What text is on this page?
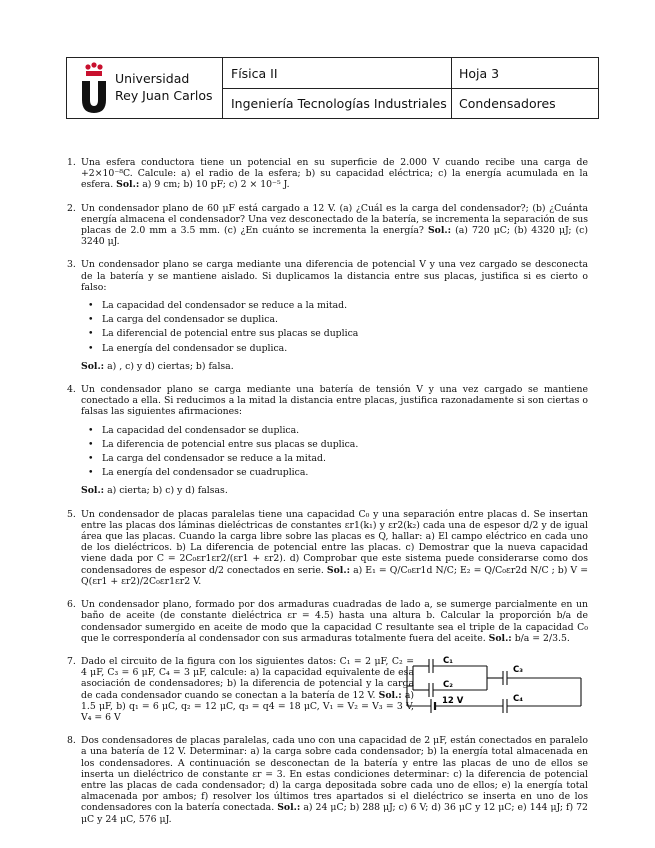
Universidad
Rey Juan Carlos
Física II	Hoja 3
Ingeniería Tecnologías Industriales Condensadores
1. Una esfera conductora tiene un potencial en su superficie de 2.000 V cuando recibe una carga de +2×10⁻⁸C. Calcule: a) el radio de la esfera; b) su capacidad eléctrica; c) la energía acumulada en la esfera. Sol.: a) 9 cm; b) 10 pF; c) 2 × 10⁻⁵ J.
2. Un condensador plano de 60 μF está cargado a 12 V. (a) ¿Cuál es la carga del condensador?; (b) ¿Cuánta energía almacena el condensador? Una vez desconectado de la batería, se incrementa la separación de sus placas de 2.0 mm a 3.5 mm. (c) ¿En cuánto se incrementa la energía? Sol.: (a) 720 μC; (b) 4320 μJ; (c) 3240 μJ.
3. Un condensador plano se carga mediante una diferencia de potencial V y una vez cargado se desconecta de la batería y se mantiene aislado. Si duplicamos la distancia entre sus placas, justifica si es cierto o falso:
• La capacidad del condensador se reduce a la mitad.
• La carga del condensador se duplica.
• La diferencial de potencial entre sus placas se duplica
• La energía del condensador se duplica.
Sol.: a) , c) y d) ciertas; b) falsa.
4. Un condensador plano se carga mediante una batería de tensión V y una vez cargado se mantiene conectado a ella. Si reducimos a la mitad la distancia entre placas, justifica razonadamente si son ciertas o falsas las siguientes afirmaciones:
• La capacidad del condensador se duplica.
• La diferencia de potencial entre sus placas se duplica.
• La carga del condensador se reduce a la mitad.
• La energía del condensador se cuadruplica.
Sol.: a) cierta; b) c) y d) falsas.
5. Un condensador de placas paralelas tiene una capacidad C₀ y una separación entre placas d. Se insertan entre las placas dos láminas dieléctricas de constantes εr1(k₁) y εr2(k₂) cada una de espesor d/2 y de igual área que las placas. Cuando la carga libre sobre las placas es Q, hallar: a) El campo eléctrico en cada uno de los dieléctricos. b) La diferencia de potencial entre las placas. c) Demostrar que la nueva capacidad viene dada por C = 2C₀εr1εr2/(εr1 + εr2). d) Comprobar que este sistema puede considerarse como dos condensadores de espesor d/2 conectados en serie. Sol.: a) E₁ = Q/C₀εr1d N/C; E₂ = Q/C₀εr2d N/C ; b) V = Q(εr1 + εr2)/2C₀εr1εr2 V.
6. Un condensador plano, formado por dos armaduras cuadradas de lado a, se sumerge parcialmente en un baño de aceite (de constante dieléctrica εr = 4.5) hasta una altura b. Calcular la proporción b/a de condensador sumergido en aceite de modo que la capacidad C resultante sea el triple de la capacidad C₀ que le correspondería al condensador con sus armaduras totalmente fuera del aceite. Sol.: b/a = 2/3.5.
7. Dado el circuito de la figura con los siguientes datos: C₁ = 2 μF, C₂ = 4 μF, C₃ = 6 μF, C₄ = 3 μF, calcule: a) la capacidad equivalente de esa asociación de condensadores; b) la diferencia de potencial y la carga de cada condensador cuando se conectan a la batería de 12 V. Sol.: a) 1.5 μF, b) q₁ = 6 μC, q₂ = 12 μC, q₃ = q4 = 18 μC, V₁ = V₂ = V₃ = 3 V, V₄ = 6 V
C₁
C₂
C₃
12 V	C₄
8. Dos condensadores de placas paralelas, cada uno con una capacidad de 2 μF, están conectados en paralelo a una batería de 12 V. Determinar: a) la carga sobre cada condensador; b) la energía total almacenada en los condensadores. A continuación se desconectan de la batería y entre las placas de uno de ellos se inserta un dieléctrico de constante εr = 3. En estas condiciones determinar: c) la diferencia de potencial entre las placas de cada condensador; d) la carga depositada sobre cada uno de ellos; e) la energía total almacenada por ambos; f) resolver los últimos tres apartados si el dieléctrico se inserta en uno de los condensadores con la batería conectada. Sol.: a) 24 μC; b) 288 μJ; c) 6 V; d) 36 μC y 12 μC; e) 144 μJ; f) 72 μC y 24 μC, 576 μJ.
